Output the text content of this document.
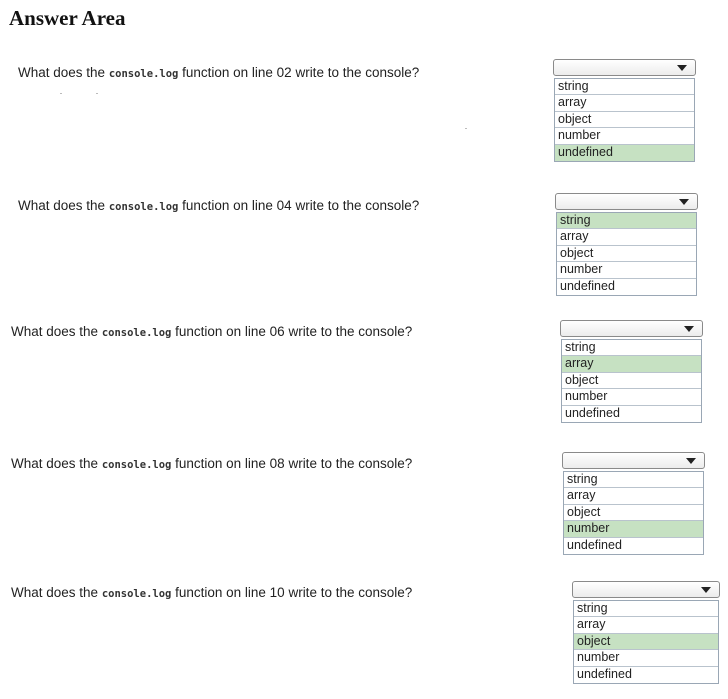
Answer Area
What does the console.log function on line 02 write to the console?
string
array
object
number
undefined
What does the console.log function on line 04 write to the console?
string
array
object
number
undefined
What does the console.log function on line 06 write to the console?
string
array
object
number
undefined
What does the console.log function on line 08 write to the console?
string
array
object
number
undefined
What does the console.log function on line 10 write to the console?
string
array
object
number
undefined
